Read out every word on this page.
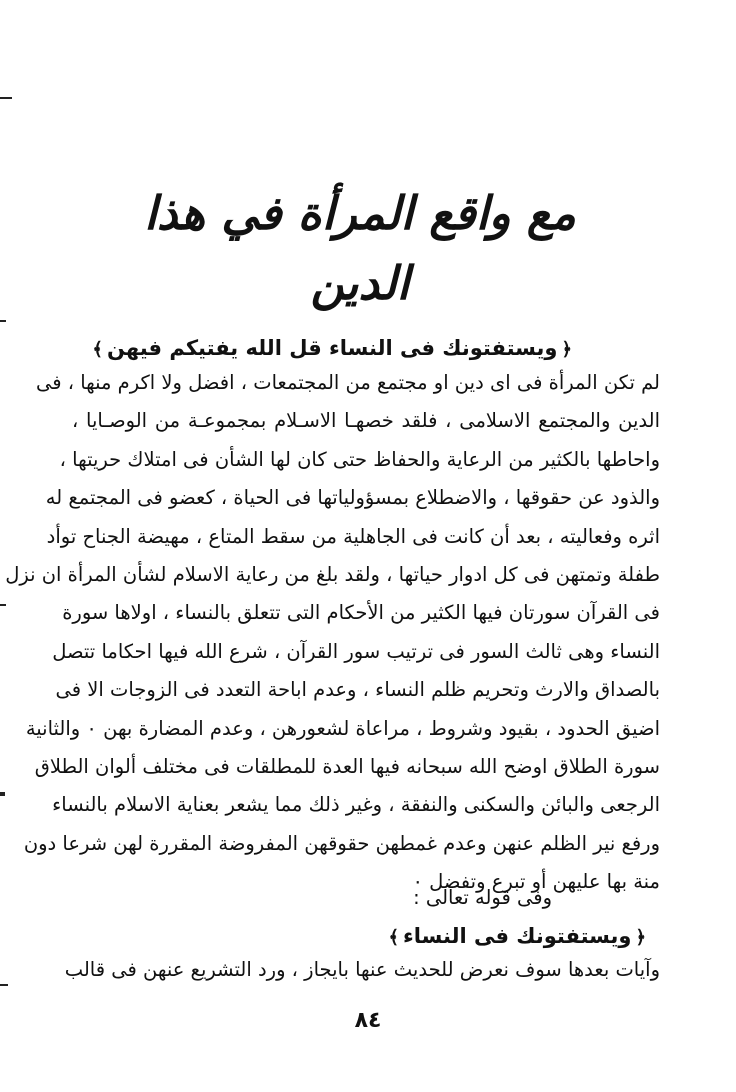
مع واقع المرأة في هذا الدين
﴿ويستفتونك فى النساء قل الله يفتيكم فيهن﴾
لم تكن المرأة فى اى دين او مجتمع من المجتمعات ، افضل ولا اكرم منها ، فى
الدين والمجتمع الاسلامى ، فلقد خصهـا الاسـلام بمجموعـة من الوصـايا ،
واحاطها بالكثير من الرعاية والحفاظ حتى كان لها الشأن فى امتلاك حريتها ،
والذود عن حقوقها ، والاضطلاع بمسؤولياتها فى الحياة ، كعضو فى المجتمع له
اثره وفعاليته ، بعد أن كانت فى الجاهلية من سقط المتاع ، مهيضة الجناح توأد
طفلة وتمتهن فى كل ادوار حياتها ، ولقد بلغ من رعاية الاسلام لشأن المرأة ان نزل
فى القرآن سورتان فيها الكثير من الأحكام التى تتعلق بالنساء ، اولاها سورة
النساء وهى ثالث السور فى ترتيب سور القرآن ، شرع الله فيها احكاما تتصل
بالصداق والارث وتحريم ظلم النساء ، وعدم اباحة التعدد فى الزوجات الا فى
اضيق الحدود ، بقيود وشروط ، مراعاة لشعورهن ، وعدم المضارة بهن ٠ والثانية
سورة الطلاق اوضح الله سبحانه فيها العدة للمطلقات فى مختلف ألوان الطلاق
الرجعى والبائن والسكنى والنفقة ، وغير ذلك مما يشعر بعناية الاسلام بالنساء
ورفع نير الظلم عنهن وعدم غمطهن حقوقهن المفروضة المقررة لهن شرعا دون
منة بها عليهن أو تبرع وتفضل ٠
وفى قوله تعالى :
﴿ويستفتونك فى النساء﴾
وآيات بعدها سوف نعرض للحديث عنها بايجاز ، ورد التشريع عنهن فى قالب
٨٤
